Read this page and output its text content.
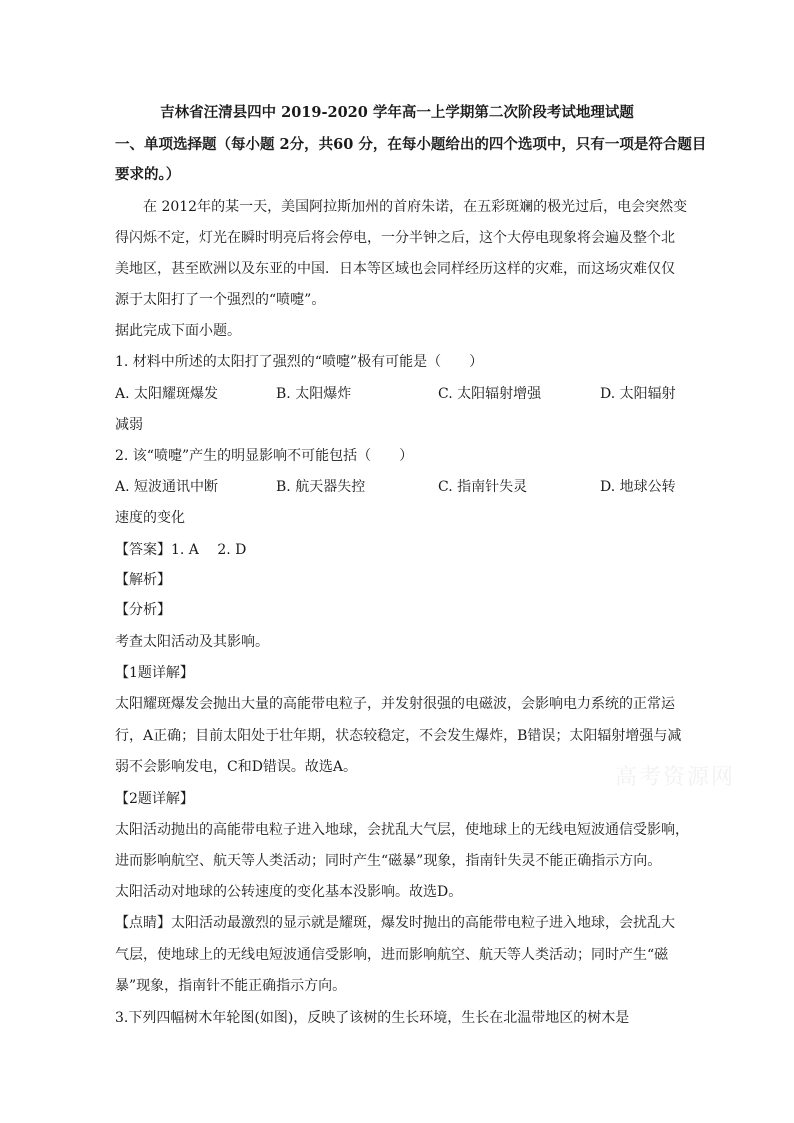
吉林省汪清县四中 2019-2020 学年高一上学期第二次阶段考试地理试题
一、单项选择题（每小题 2分，共60 分，在每小题给出的四个选项中，只有一项是符合题目
要求的。）
在 2012年的某一天，美国阿拉斯加州的首府朱诺，在五彩斑斓的极光过后，电会突然变
得闪烁不定，灯光在瞬时明亮后将会停电，一分半钟之后，这个大停电现象将会遍及整个北
美地区，甚至欧洲以及东亚的中国．日本等区域也会同样经历这样的灾难，而这场灾难仅仅
源于太阳打了一个强烈的“喷嚏”。
据此完成下面小题。
1. 材料中所述的太阳打了强烈的“喷嚏”极有可能是（　　）
A. 太阳耀斑爆发	B. 太阳爆炸	C. 太阳辐射增强	D. 太阳辐射
减弱
2. 该“喷嚏”产生的明显影响不可能包括（　　）
A. 短波通讯中断	B. 航天器失控	C. 指南针失灵	D. 地球公转
速度的变化
【答案】1. A　 2. D
【解析】
【分析】
考查太阳活动及其影响。
【1题详解】
太阳耀斑爆发会抛出大量的高能带电粒子，并发射很强的电磁波，会影响电力系统的正常运
行，A正确；目前太阳处于壮年期，状态较稳定，不会发生爆炸，B错误；太阳辐射增强与减
弱不会影响发电，C和D错误。故选A。
【2题详解】
太阳活动抛出的高能带电粒子进入地球，会扰乱大气层，使地球上的无线电短波通信受影响，
进而影响航空、航天等人类活动；同时产生“磁暴”现象，指南针失灵不能正确指示方向。
太阳活动对地球的公转速度的变化基本没影响。故选D。
【点睛】太阳活动最激烈的显示就是耀斑，爆发时抛出的高能带电粒子进入地球，会扰乱大
气层，使地球上的无线电短波通信受影响，进而影响航空、航天等人类活动；同时产生“磁
暴”现象，指南针不能正确指示方向。
3.下列四幅树木年轮图(如图)，反映了该树的生长环境，生长在北温带地区的树木是
高考资源网
